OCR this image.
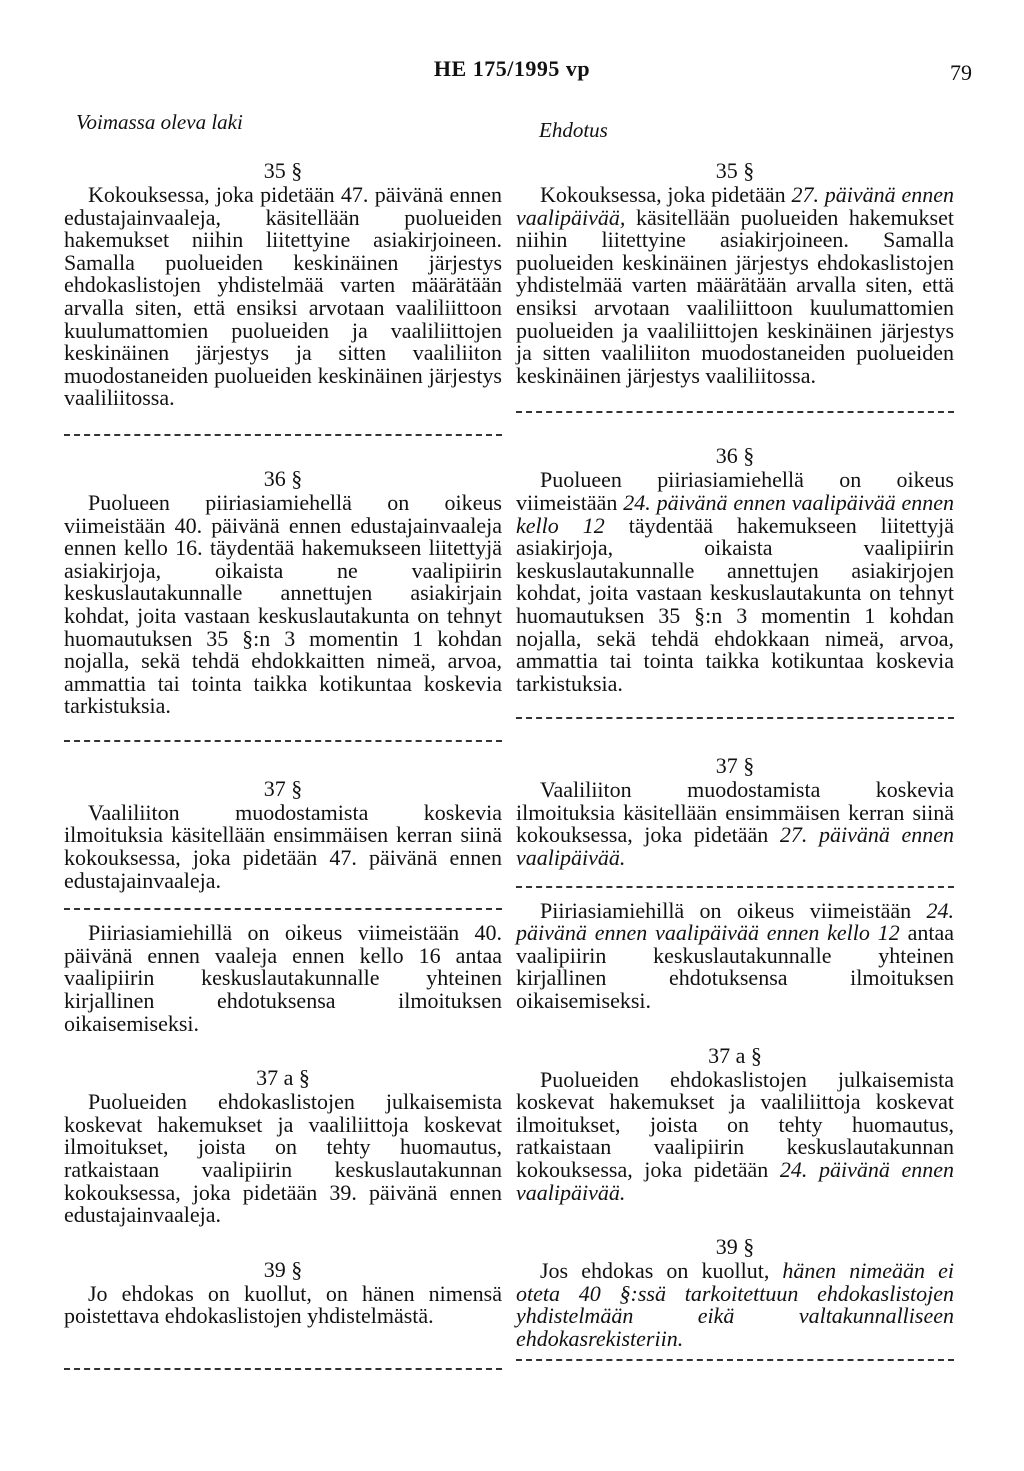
HE 175/1995 vp	79
Voimassa oleva laki	Ehdotus

35 §

Kokouksessa, joka pidetään 47. päivänä ennen edustajainvaaleja, käsitellään puolueiden hakemukset niihin liitettyine asiakirjoineen. Samalla puolueiden keskinäinen järjestys ehdokaslistojen yhdistelmää varten määrätään arvalla siten, että ensiksi arvotaan vaaliliittoon kuulumattomien puolueiden ja vaaliliittojen keskinäinen järjestys ja sitten vaaliliiton muodostaneiden puolueiden keskinäinen järjestys vaaliliitossa.

36 §

Puolueen piiriasiamiehellä on oikeus viimeistään 40. päivänä ennen edustajainvaaleja ennen kello 16. täydentää hakemukseen liitettyjä asiakirjoja, oikaista ne vaalipiirin keskuslautakunnalle annettujen asiakirjain kohdat, joita vastaan keskuslautakunta on tehnyt huomautuksen 35 §:n 3 momentin 1 kohdan nojalla, sekä tehdä ehdokkaitten nimeä, arvoa, ammattia tai tointa taikka kotikuntaa koskevia tarkistuksia.

37 §

Vaaliliiton muodostamista koskevia ilmoituksia käsitellään ensimmäisen kerran siinä kokouksessa, joka pidetään 47. päivänä ennen edustajainvaaleja.

Piiriasiamiehillä on oikeus viimeistään 40. päivänä ennen vaaleja ennen kello 16 antaa vaalipiirin keskuslautakunnalle yhteinen kirjallinen ehdotuksensa ilmoituksen oikaisemiseksi.

37 a §

Puolueiden ehdokaslistojen julkaisemista koskevat hakemukset ja vaaliliittoja koskevat ilmoitukset, joista on tehty huomautus, ratkaistaan vaalipiirin keskuslautakunnan kokouksessa, joka pidetään 39. päivänä ennen edustajainvaaleja.

39 §

Jo ehdokas on kuollut, on hänen nimensä poistettava ehdokaslistojen yhdistelmästä.

35 §

Kokouksessa, joka pidetään 27. päivänä ennen vaalipäivää, käsitellään puolueiden hakemukset niihin liitettyine asiakirjoineen. Samalla puolueiden keskinäinen järjestys ehdokaslistojen yhdistelmää varten määrätään arvalla siten, että ensiksi arvotaan vaaliliittoon kuulumattomien puolueiden ja vaaliliittojen keskinäinen järjestys ja sitten vaaliliiton muodostaneiden puolueiden keskinäinen järjestys vaaliliitossa.

36 §

Puolueen piiriasiamiehellä on oikeus viimeistään 24. päivänä ennen vaalipäivää ennen kello 12 täydentää hakemukseen liitettyjä asiakirjoja, oikaista vaalipiirin keskuslautakunnalle annettujen asiakirjojen kohdat, joita vastaan keskuslautakunta on tehnyt huomautuksen 35 §:n 3 momentin 1 kohdan nojalla, sekä tehdä ehdokkaan nimeä, arvoa, ammattia tai tointa taikka kotikuntaa koskevia tarkistuksia.

37 §

Vaaliliiton muodostamista koskevia ilmoituksia käsitellään ensimmäisen kerran siinä kokouksessa, joka pidetään 27. päivänä ennen vaalipäivää.

Piiriasiamiehillä on oikeus viimeistään 24. päivänä ennen vaalipäivää ennen kello 12 antaa vaalipiirin keskuslautakunnalle yhteinen kirjallinen ehdotuksensa ilmoituksen oikaisemiseksi.

37 a §

Puolueiden ehdokaslistojen julkaisemista koskevat hakemukset ja vaaliliittoja koskevat ilmoitukset, joista on tehty huomautus, ratkaistaan vaalipiirin keskuslautakunnan kokouksessa, joka pidetään 24. päivänä ennen vaalipäivää.

39 §

Jos ehdokas on kuollut, hänen nimeään ei oteta 40 §:ssä tarkoitettuun ehdokaslistojen yhdistelmään eikä valtakunnalliseen ehdokasrekisteriin.
